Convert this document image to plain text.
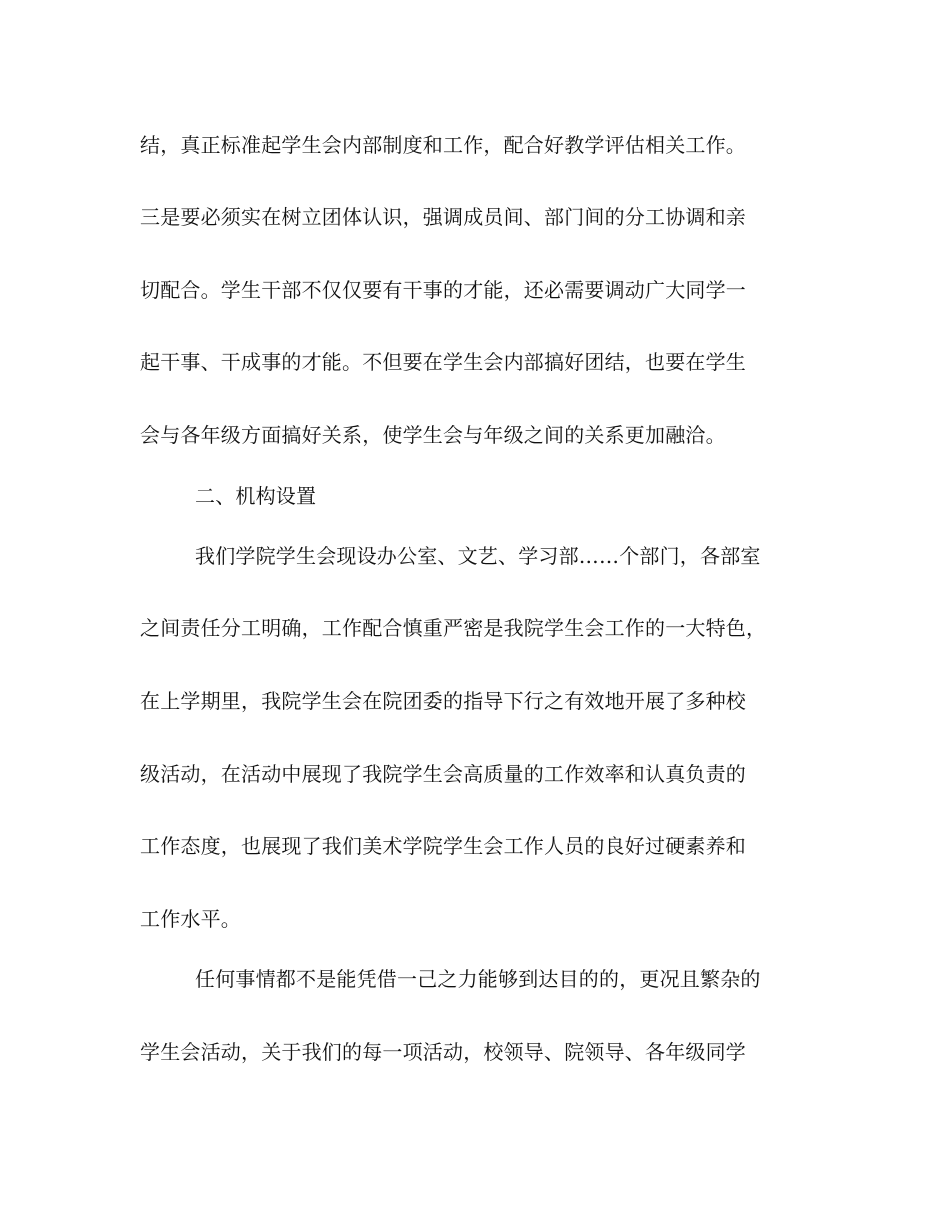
结，真正标准起学生会内部制度和工作，配合好教学评估相关工作。
三是要必须实在树立团体认识，强调成员间、部门间的分工协调和亲
切配合。学生干部不仅仅要有干事的才能，还必需要调动广大同学一
起干事、干成事的才能。不但要在学生会内部搞好团结，也要在学生
会与各年级方面搞好关系，使学生会与年级之间的关系更加融洽。
二、机构设置
我们学院学生会现设办公室、文艺、学习部……个部门，各部室
之间责任分工明确，工作配合慎重严密是我院学生会工作的一大特色，
在上学期里，我院学生会在院团委的指导下行之有效地开展了多种校
级活动，在活动中展现了我院学生会高质量的工作效率和认真负责的
工作态度，也展现了我们美术学院学生会工作人员的良好过硬素养和
工作水平。
任何事情都不是能凭借一己之力能够到达目的的，更况且繁杂的
学生会活动，关于我们的每一项活动，校领导、院领导、各年级同学
